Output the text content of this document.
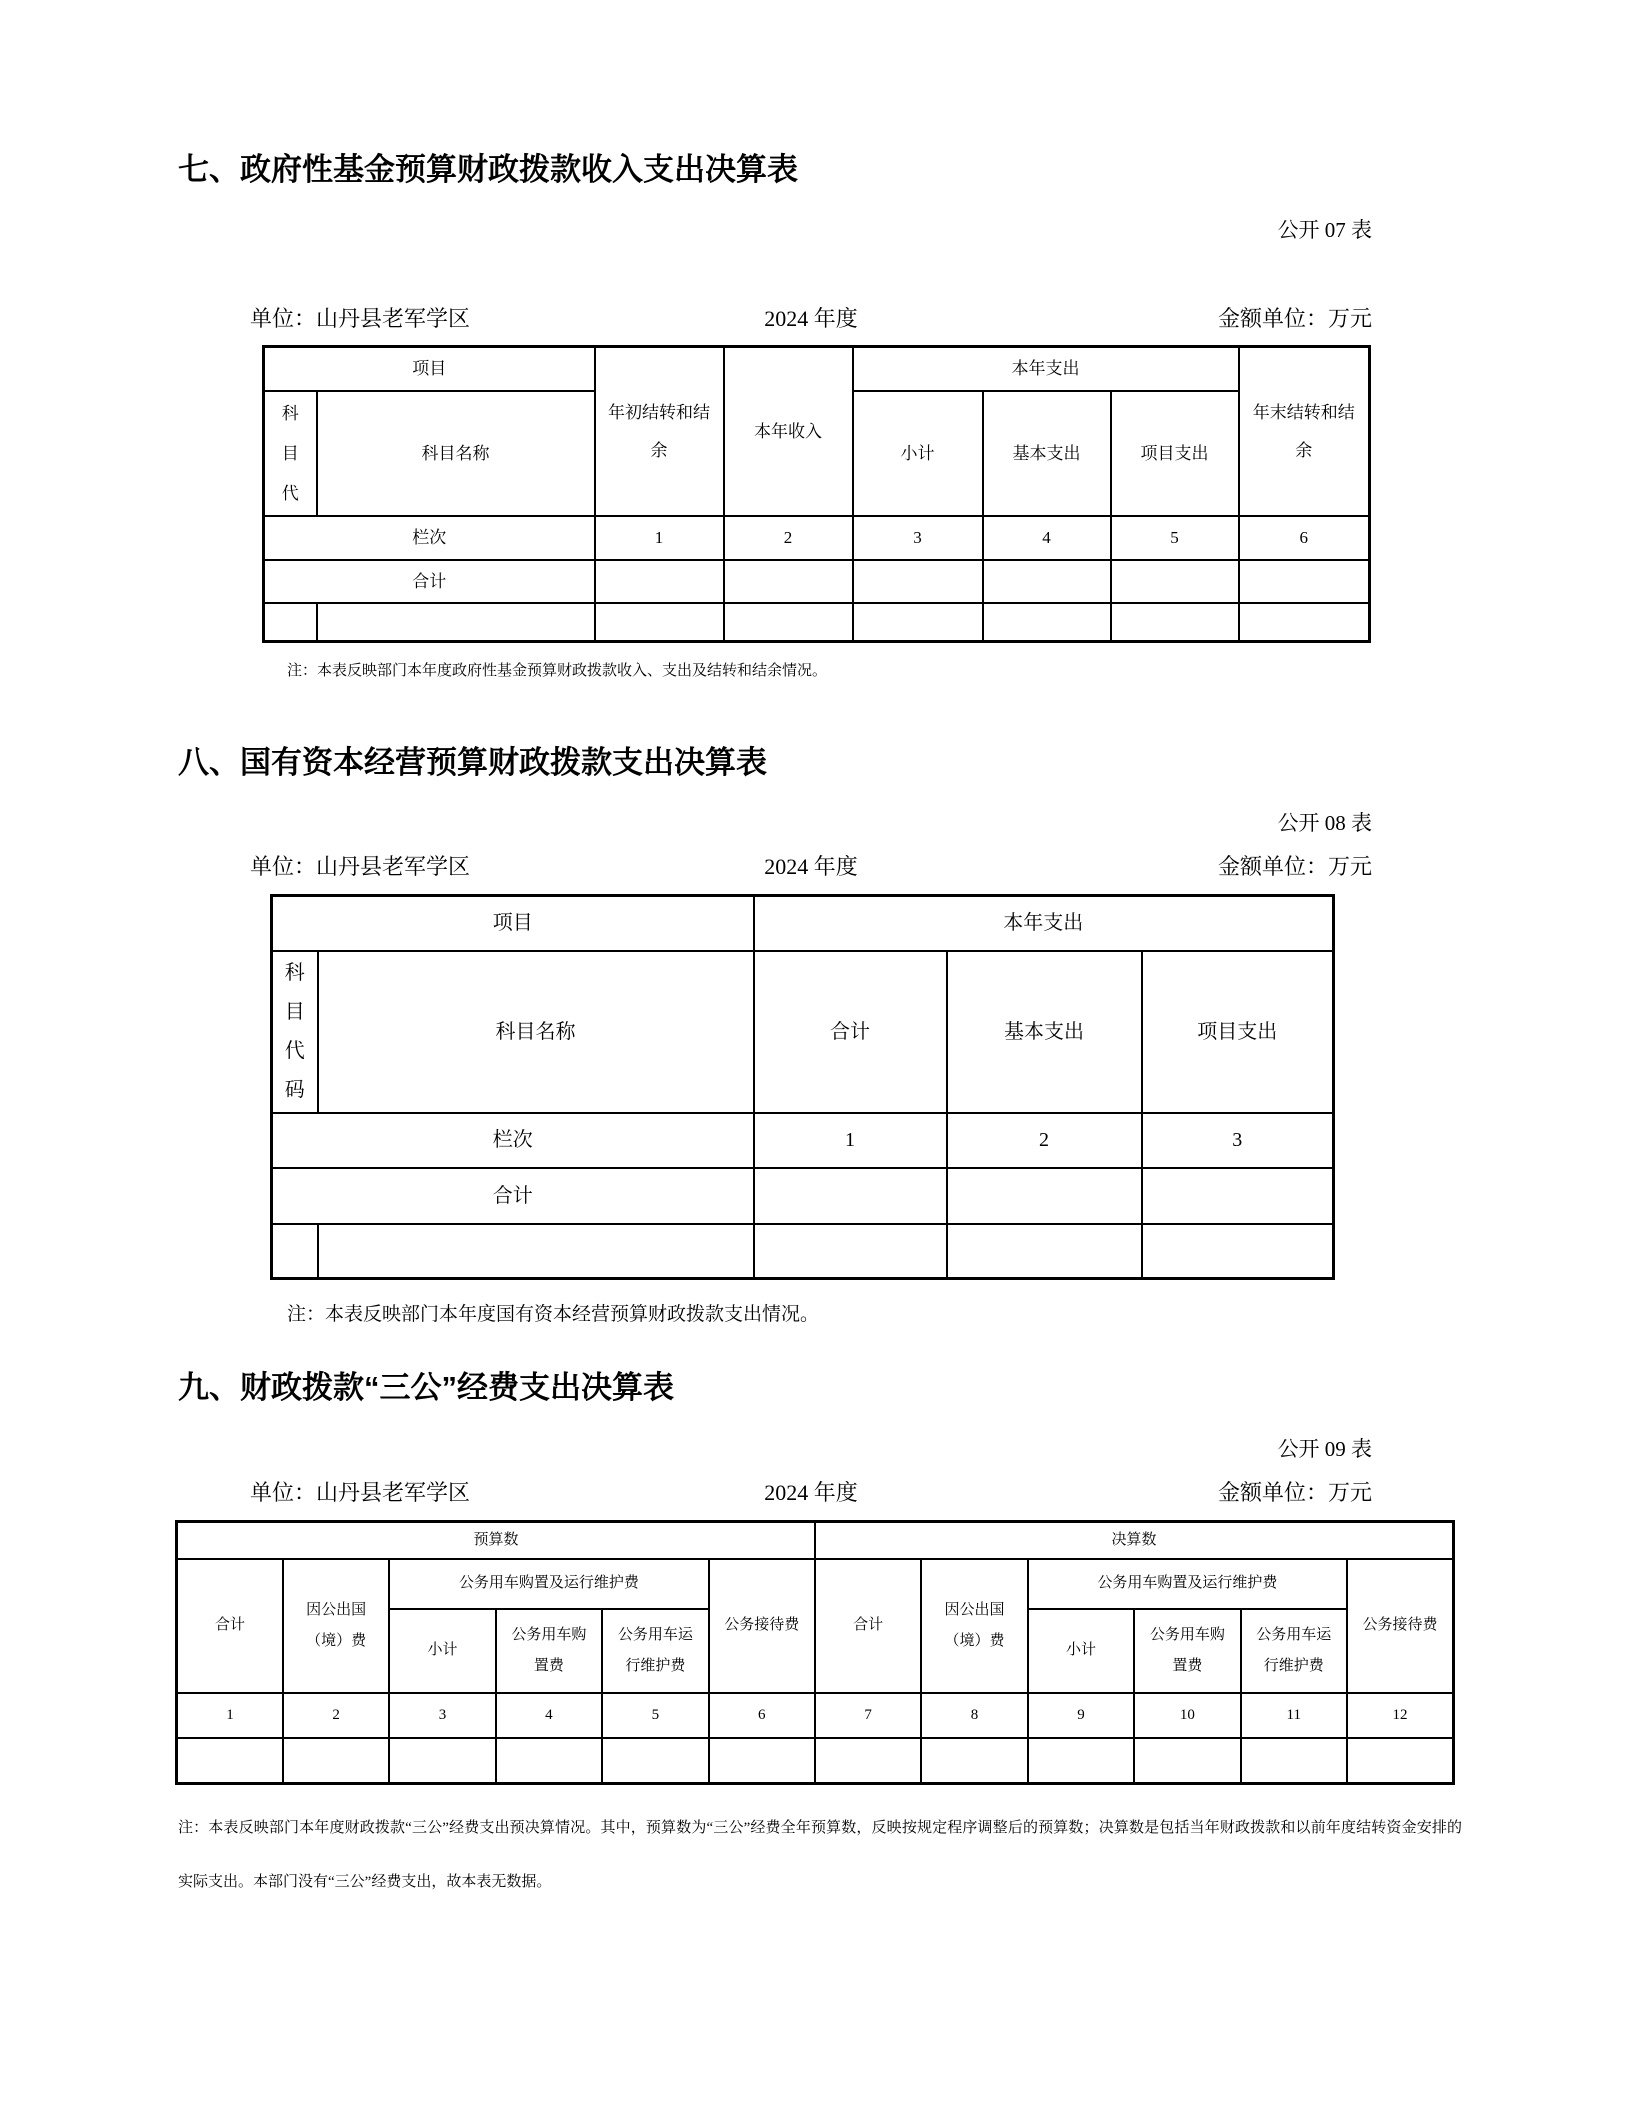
七、政府性基金预算财政拨款收入支出决算表
公开 07 表
单位：山丹县老军学区	2024 年度	金额单位：万元
项目		年初结转和结余	本年收入	本年支出			年末结转和结余

科目代	科目名称			小计	基本支出	项目支出	
栏次		1	2	3	4	5	6
合计							

注：本表反映部门本年度政府性基金预算财政拨款收入、支出及结转和结余情况。
八、国有资本经营预算财政拨款支出决算表
公开 08 表
单位：山丹县老军学区	2024 年度	金额单位：万元
项目		本年支出		

科目代码	科目名称	合计	基本支出	项目支出
栏次		1	2	3
合计				

注：本表反映部门本年度国有资本经营预算财政拨款支出情况。
九、财政拨款“三公”经费支出决算表
公开 09 表
单位：山丹县老军学区	2024 年度	金额单位：万元
预算数						决算数					
合计	因公出国（境）费	公务用车购置及运行维护费			公务接待费	合计	因公出国（境）费	公务用车购置及运行维护费			公务接待费
		小计	公务用车购置费	公务用车运行维护费				小计	公务用车购置费	公务用车运行维护费	
1	2	3	4	5	6	7	8	9	10	11	12

注：本表反映部门本年度财政拨款“三公”经费支出预决算情况。其中，预算数为“三公”经费全年预算数，反映按规定程序调整后的预算数；决算数是包括当年财政拨款和以前年度结转资金安排的实际支出。本部门没有“三公”经费支出，故本表无数据。
